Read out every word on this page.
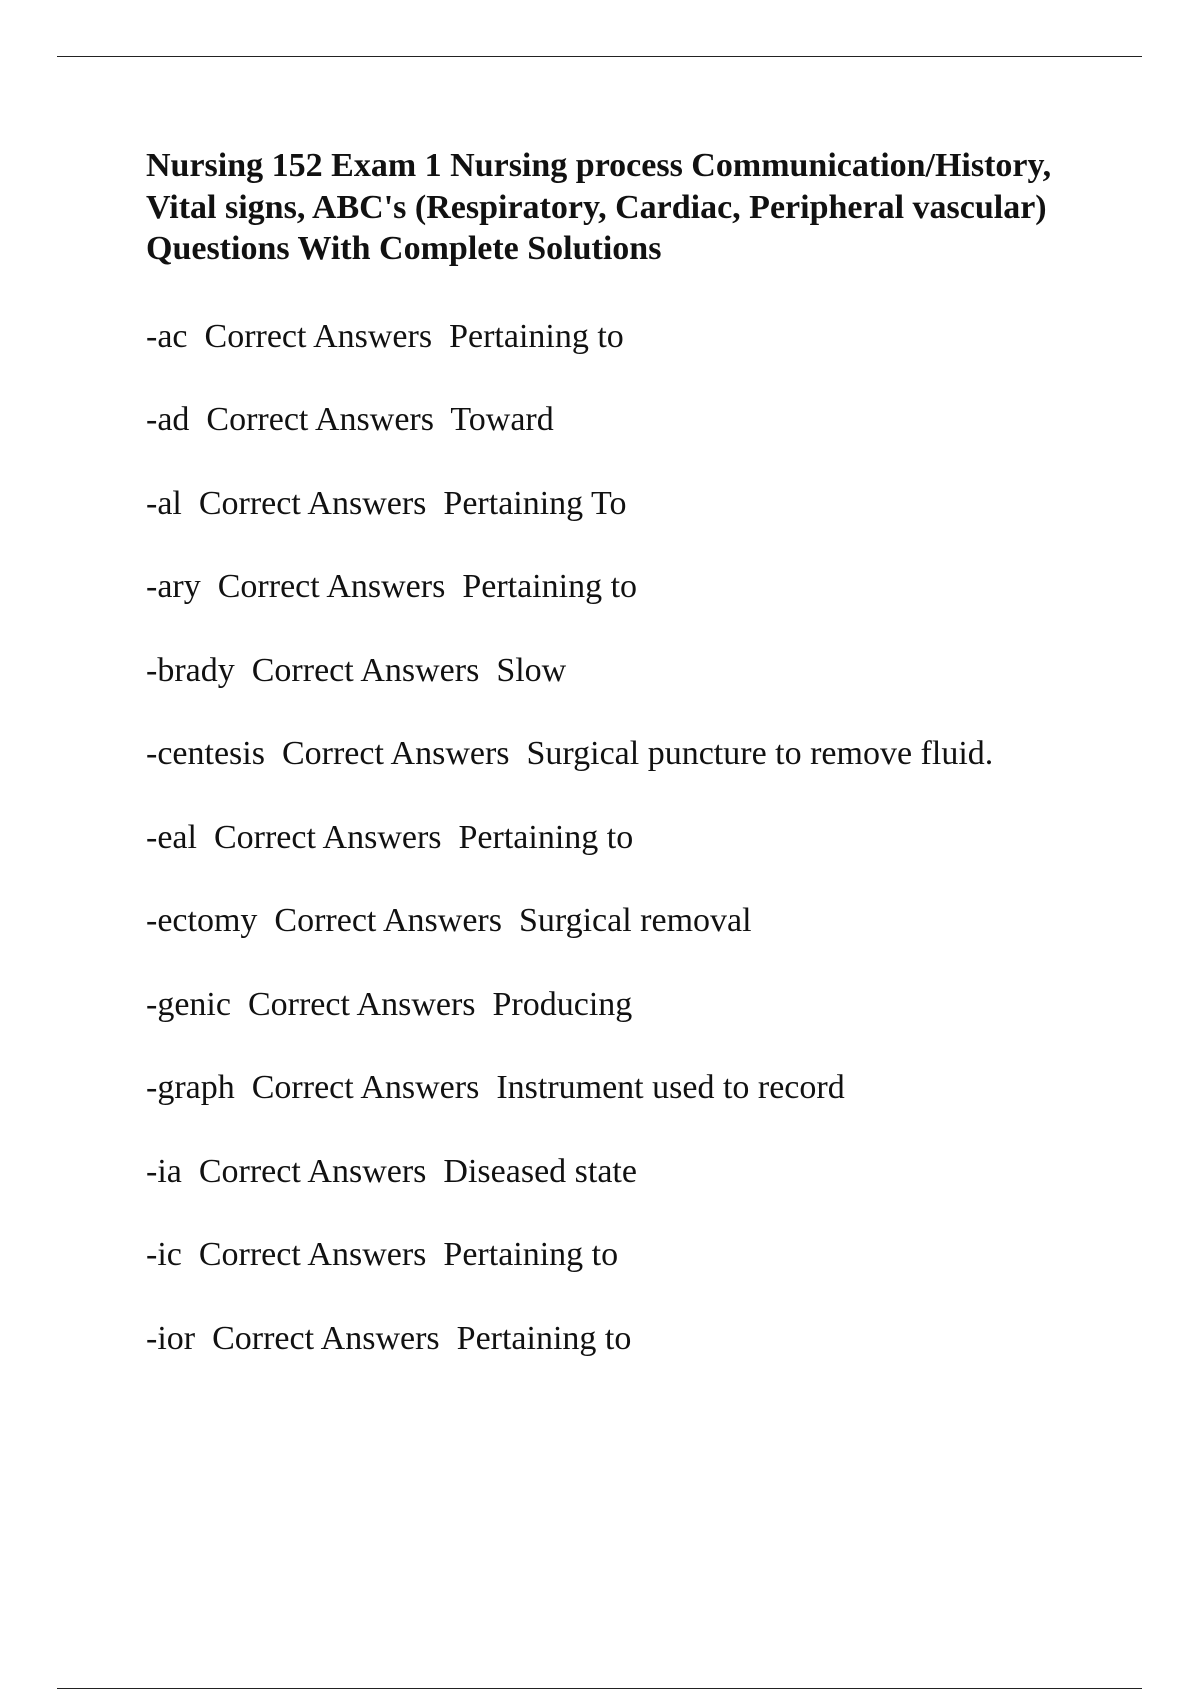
Nursing 152 Exam 1 Nursing process Communication/History, Vital signs, ABC's (Respiratory, Cardiac, Peripheral vascular) Questions With Complete Solutions
-ac Correct Answers Pertaining to
-ad Correct Answers Toward
-al Correct Answers Pertaining To
-ary Correct Answers Pertaining to
-brady Correct Answers Slow
-centesis Correct Answers Surgical puncture to remove fluid.
-eal Correct Answers Pertaining to
-ectomy Correct Answers Surgical removal
-genic Correct Answers Producing
-graph Correct Answers Instrument used to record
-ia Correct Answers Diseased state
-ic Correct Answers Pertaining to
-ior Correct Answers Pertaining to
